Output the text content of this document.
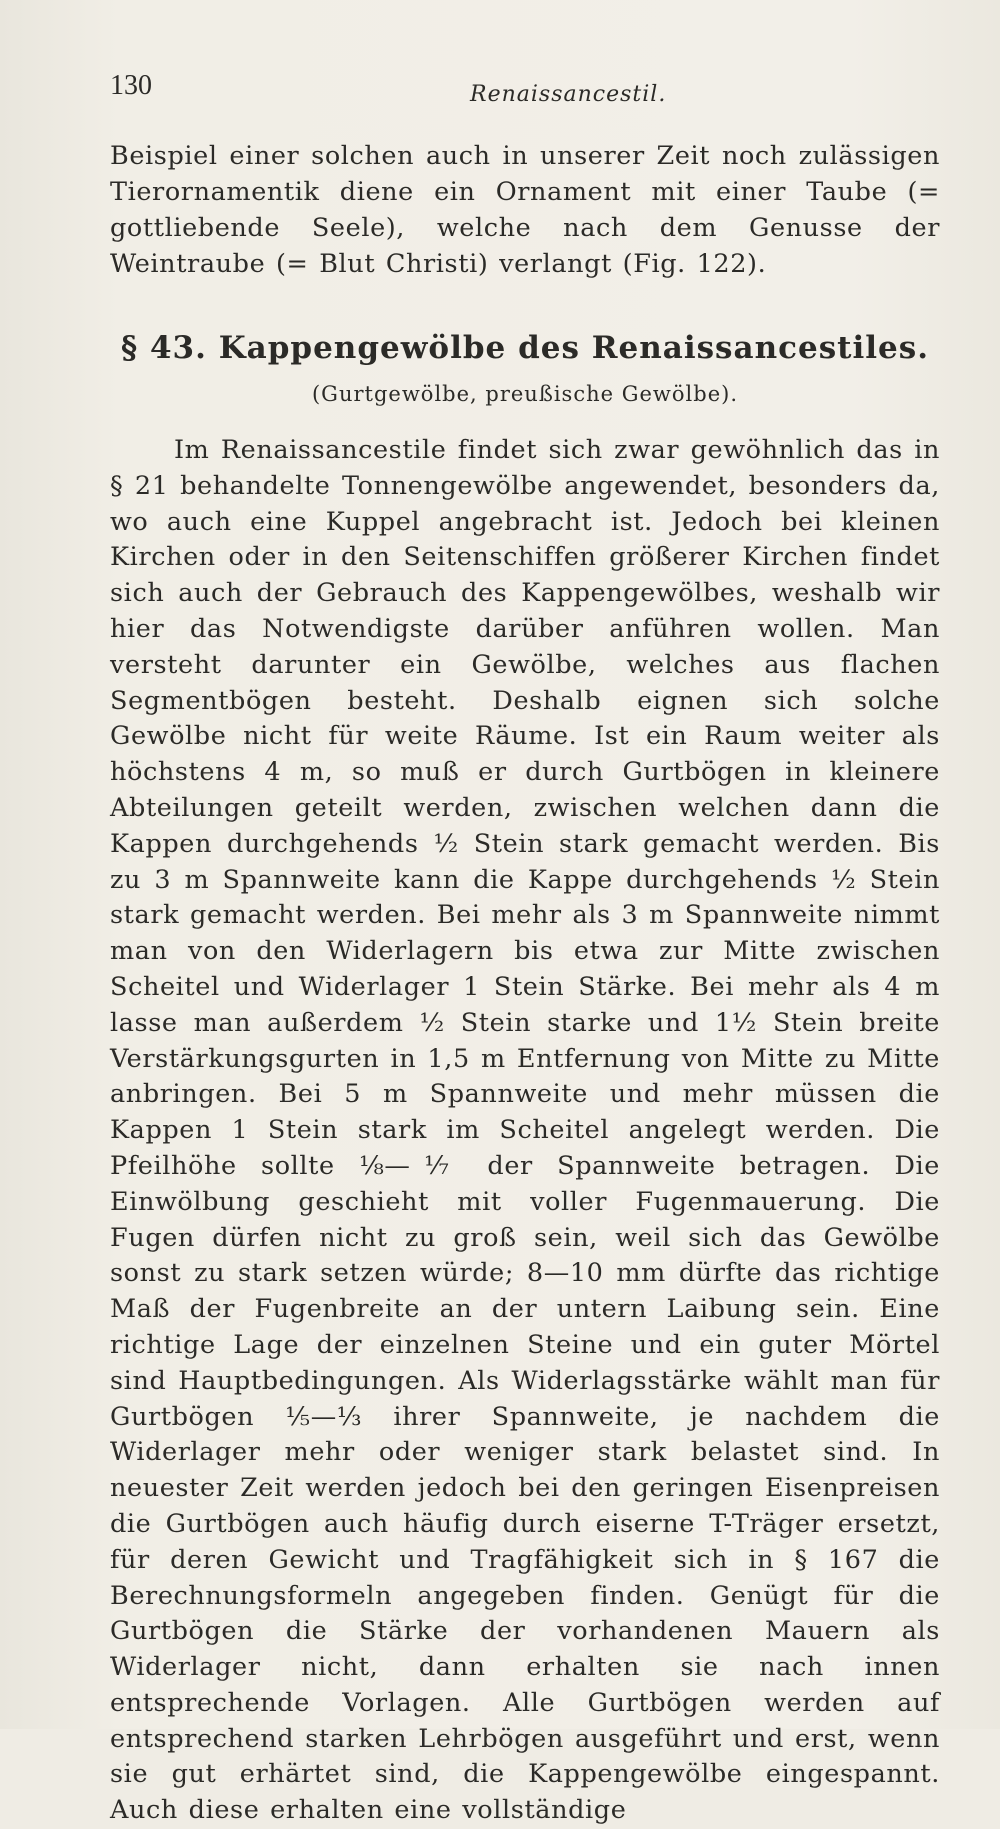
130	Renaissancestil.

Beispiel einer solchen auch in unserer Zeit noch zulässigen Tierornamentik diene ein Ornament mit einer Taube (= gottliebende Seele), welche nach dem Genusse der Weintraube (= Blut Christi) verlangt (Fig. 122).

§ 43. Kappengewölbe des Renaissancestiles.
(Gurtgewölbe, preußische Gewölbe).

Im Renaissancestile findet sich zwar gewöhnlich das in § 21 behandelte Tonnengewölbe angewendet, besonders da, wo auch eine Kuppel angebracht ist. Jedoch bei kleinen Kirchen oder in den Seitenschiffen größerer Kirchen findet sich auch der Gebrauch des Kappengewölbes, weshalb wir hier das Notwendigste darüber anführen wollen. Man versteht darunter ein Gewölbe, welches aus flachen Segmentbögen besteht. Deshalb eignen sich solche Gewölbe nicht für weite Räume. Ist ein Raum weiter als höchstens 4 m, so muß er durch Gurtbögen in kleinere Abteilungen geteilt werden, zwischen welchen dann die Kappen durchgehends ½ Stein stark gemacht werden. Bis zu 3 m Spannweite kann die Kappe durchgehends ½ Stein stark gemacht werden. Bei mehr als 3 m Spannweite nimmt man von den Widerlagern bis etwa zur Mitte zwischen Scheitel und Widerlager 1 Stein Stärke. Bei mehr als 4 m lasse man außerdem ½ Stein starke und 1½ Stein breite Verstärkungsgurten in 1,5 m Entfernung von Mitte zu Mitte anbringen. Bei 5 m Spannweite und mehr müssen die Kappen 1 Stein stark im Scheitel angelegt werden. Die Pfeilhöhe sollte ⅛—⅐ der Spannweite betragen. Die Einwölbung geschieht mit voller Fugenmauerung. Die Fugen dürfen nicht zu groß sein, weil sich das Gewölbe sonst zu stark setzen würde; 8—10 mm dürfte das richtige Maß der Fugenbreite an der untern Laibung sein. Eine richtige Lage der einzelnen Steine und ein guter Mörtel sind Hauptbedingungen. Als Widerlagsstärke wählt man für Gurtbögen ⅕—⅓ ihrer Spannweite, je nachdem die Widerlager mehr oder weniger stark belastet sind. In neuester Zeit werden jedoch bei den geringen Eisenpreisen die Gurtbögen auch häufig durch eiserne T-Träger ersetzt, für deren Gewicht und Tragfähigkeit sich in § 167 die Berechnungsformeln angegeben finden. Genügt für die Gurtbögen die Stärke der vorhandenen Mauern als Widerlager nicht, dann erhalten sie nach innen entsprechende Vorlagen. Alle Gurtbögen werden auf entsprechend starken Lehrbögen ausgeführt und erst, wenn sie gut erhärtet sind, die Kappengewölbe eingespannt. Auch diese erhalten eine vollständige
